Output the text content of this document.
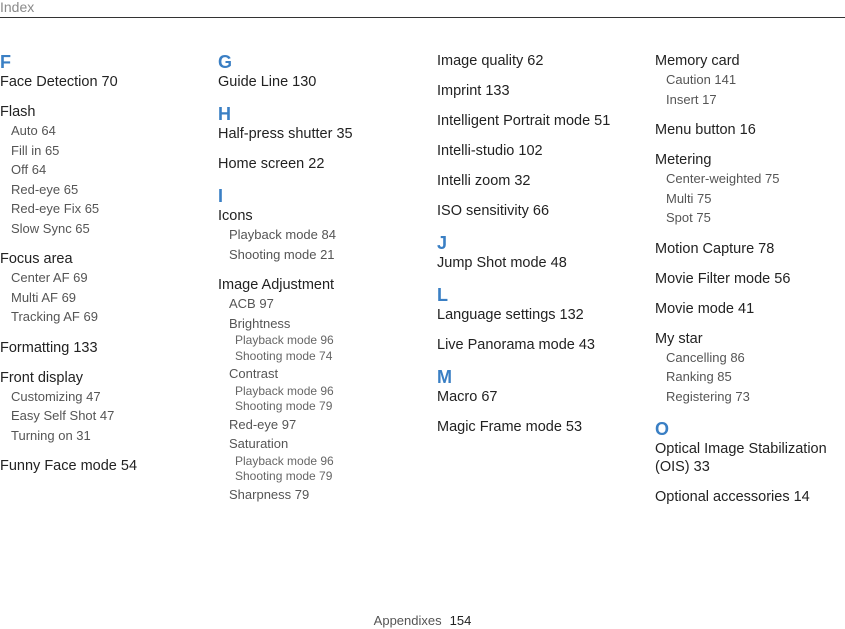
Index
F
Face Detection 70
Flash
Auto 64
Fill in 65
Off 64
Red-eye 65
Red-eye Fix 65
Slow Sync 65
Focus area
Center AF 69
Multi AF 69
Tracking AF 69
Formatting 133
Front display
Customizing 47
Easy Self Shot 47
Turning on 31
Funny Face mode 54
G
Guide Line 130
H
Half-press shutter 35
Home screen 22
I
Icons
Playback mode 84
Shooting mode 21
Image Adjustment
ACB 97
Brightness
Playback mode 96
Shooting mode 74
Contrast
Playback mode 96
Shooting mode 79
Red-eye 97
Saturation
Playback mode 96
Shooting mode 79
Sharpness 79
Image quality 62
Imprint 133
Intelligent Portrait mode 51
Intelli-studio 102
Intelli zoom 32
ISO sensitivity 66
J
Jump Shot mode 48
L
Language settings 132
Live Panorama mode 43
M
Macro 67
Magic Frame mode 53
Memory card
Caution 141
Insert 17
Menu button 16
Metering
Center-weighted 75
Multi 75
Spot 75
Motion Capture 78
Movie Filter mode 56
Movie mode 41
My star
Cancelling 86
Ranking 85
Registering 73
O
Optical Image Stabilization (OIS) 33
Optional accessories 14
Appendixes 154
